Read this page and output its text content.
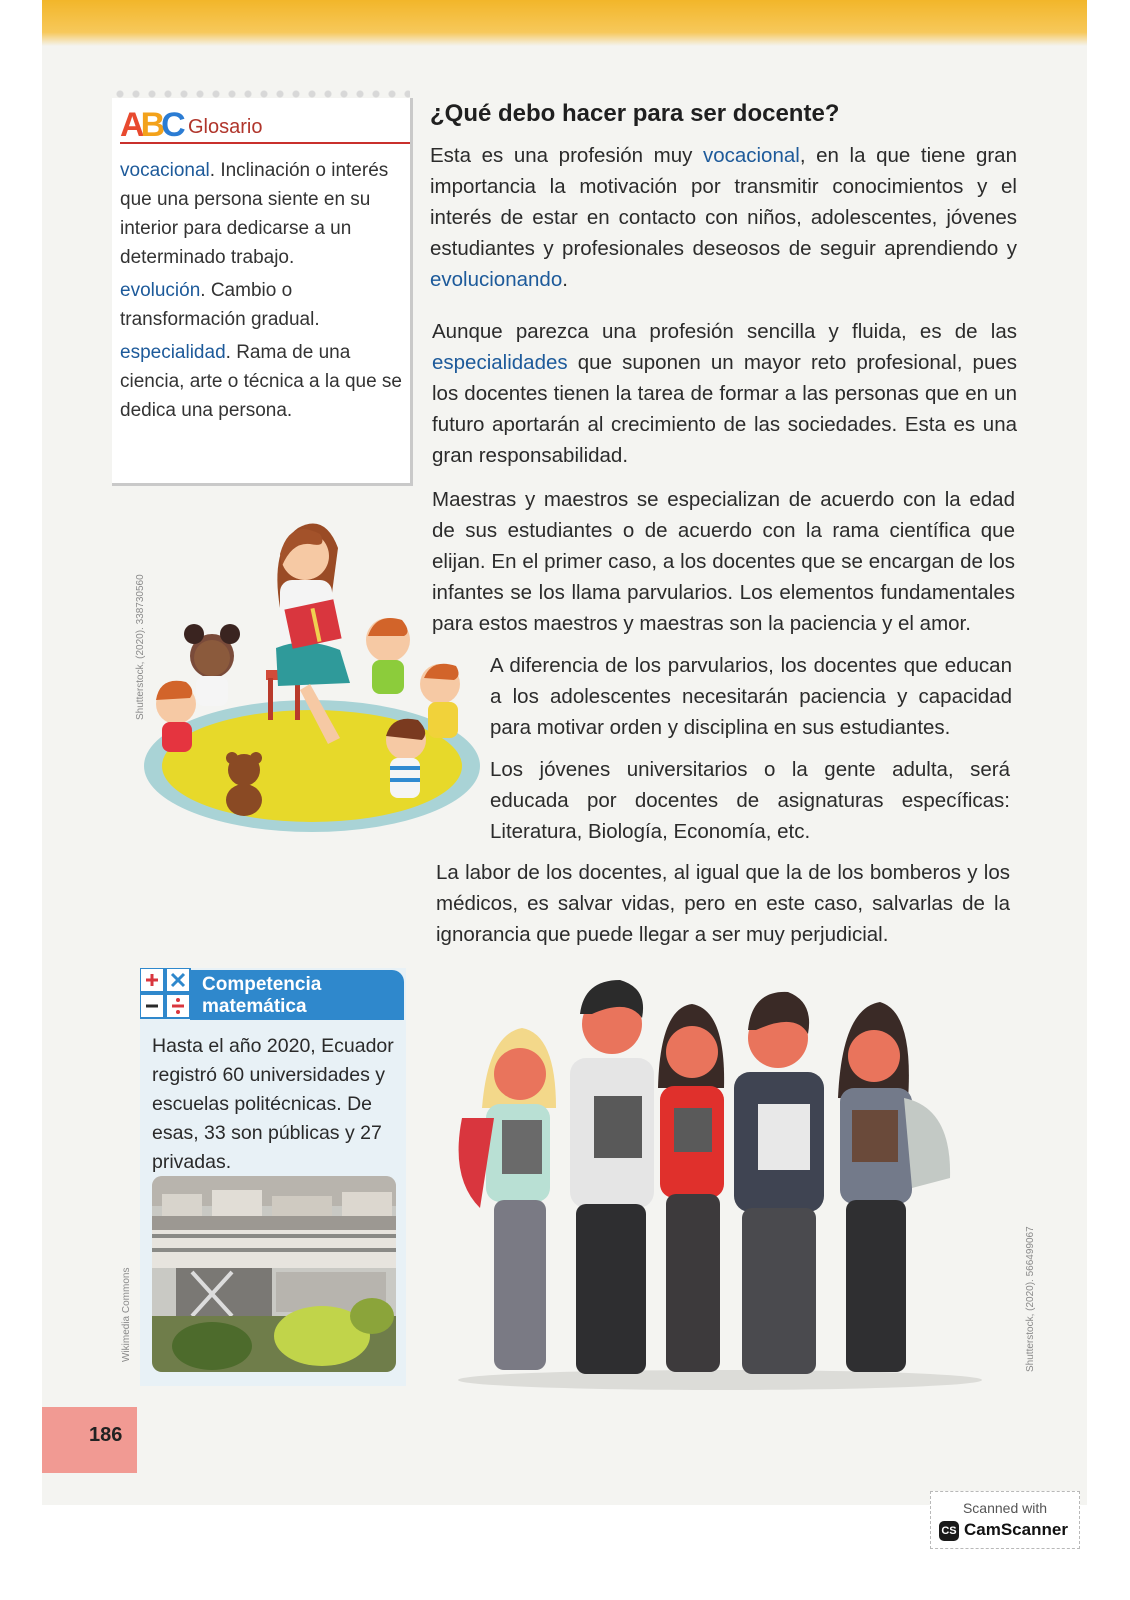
ABC Glosario

vocacional. Inclinación o interés que una persona siente en su interior para dedicarse a un determinado trabajo.

evolución. Cambio o transformación gradual.

especialidad. Rama de una ciencia, arte o técnica a la que se dedica una persona.

¿Qué debo hacer para ser docente?

Esta es una profesión muy vocacional, en la que tiene gran importancia la motivación por transmitir conocimientos y el interés de estar en contacto con niños, adolescentes, jóvenes estudiantes y profesionales deseosos de seguir aprendiendo y evolucionando.

Aunque parezca una profesión sencilla y fluida, es de las especialidades que suponen un mayor reto profesional, pues los docentes tienen la tarea de formar a las personas que en un futuro aportarán al crecimiento de las sociedades. Esta es una gran responsabilidad.

Maestras y maestros se especializan de acuerdo con la edad de sus estudiantes o de acuerdo con la rama científica que elijan. En el primer caso, a los docentes que se encargan de los infantes se los llama parvularios. Los elementos fundamentales para estos maestros y maestras son la paciencia y el amor.

A diferencia de los parvularios, los docentes que educan a los adolescentes necesitarán paciencia y capacidad para motivar orden y disciplina en sus estudiantes.

Los jóvenes universitarios o la gente adulta, será educada por docentes de asignaturas específicas: Literatura, Biología, Economía, etc.

La labor de los docentes, al igual que la de los bomberos y los médicos, es salvar vidas, pero en este caso, salvarlas de la ignorancia que puede llegar a ser muy perjudicial.

Shutterstock, (2020). 338730560
Competencia
matemática
Hasta el año 2020, Ecuador registró 60 universidades y escuelas politécnicas. De esas, 33 son públicas y 27 privadas.
Wikimedia Commons
186
Shutterstock, (2020). 566499067
Scanned with
CS CamScanner
